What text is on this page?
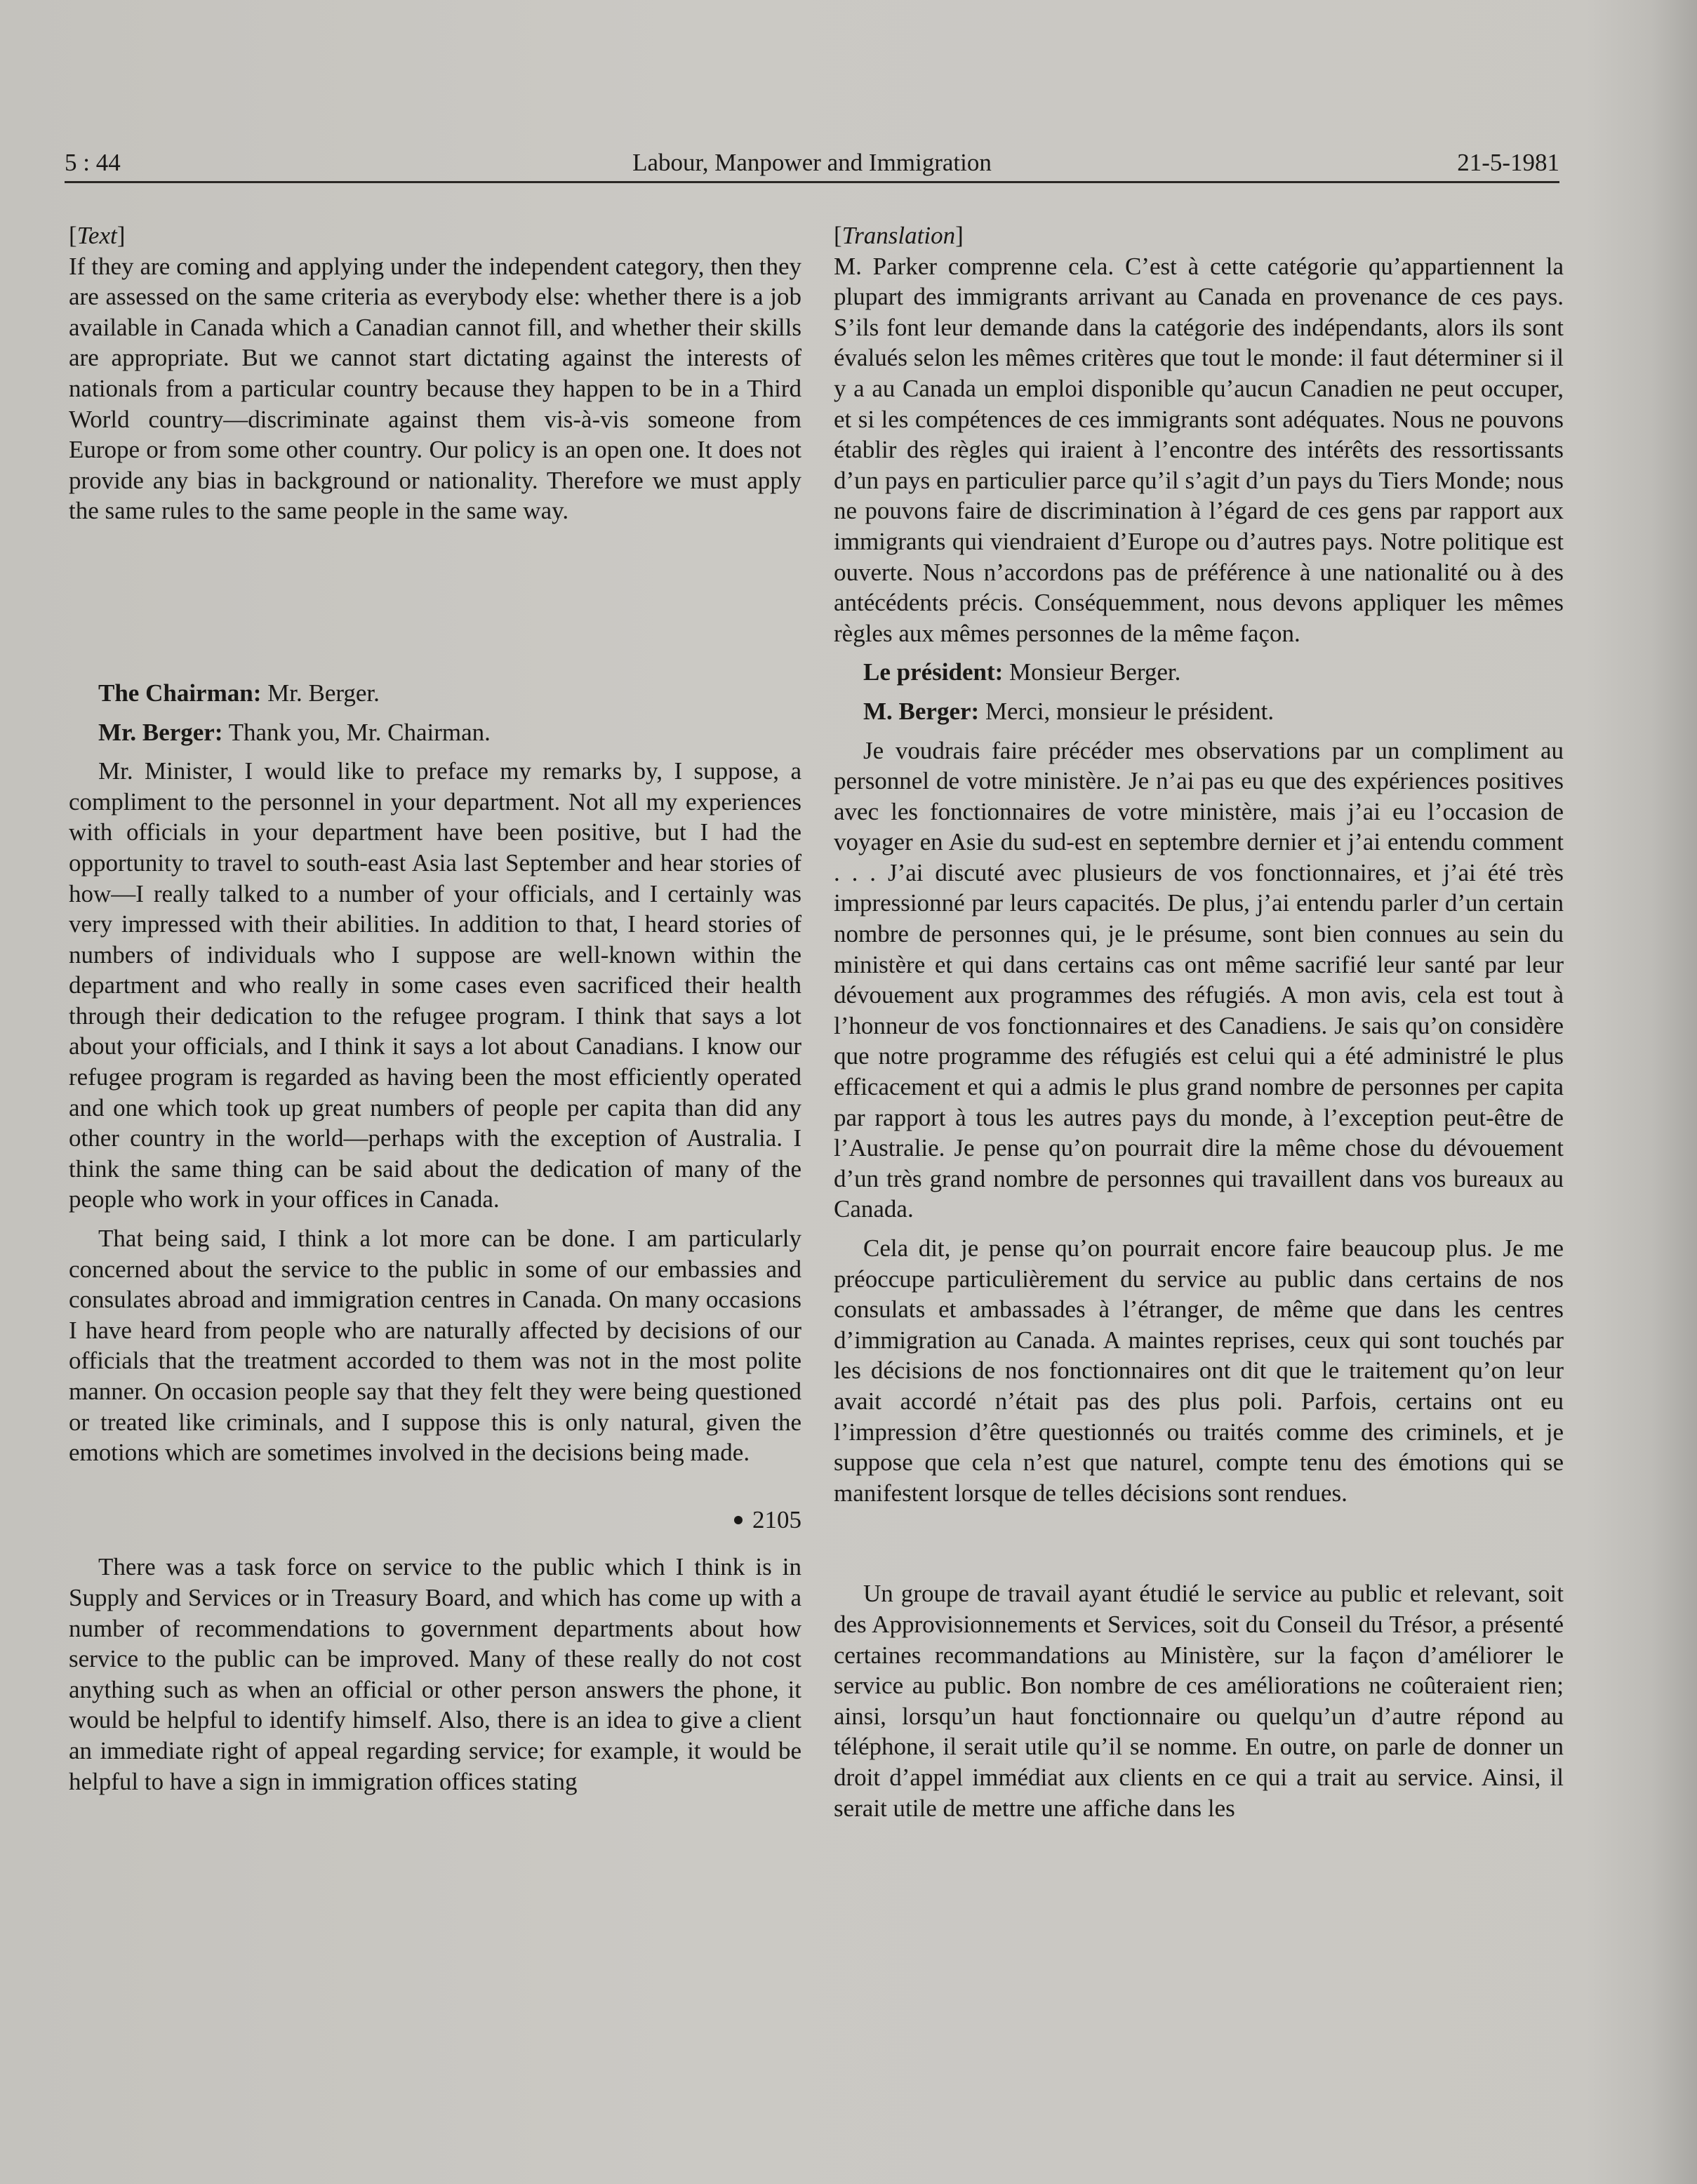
5 : 44	Labour, Manpower and Immigration	21-5-1981

[Text]

If they are coming and applying under the independent category, then they are assessed on the same criteria as everybody else: whether there is a job available in Canada which a Canadian cannot fill, and whether their skills are appropriate. But we cannot start dictating against the interests of nationals from a particular country because they happen to be in a Third World country—discriminate against them vis-à-vis someone from Europe or from some other country. Our policy is an open one. It does not provide any bias in background or nationality. Therefore we must apply the same rules to the same people in the same way.

The Chairman: Mr. Berger.

Mr. Berger: Thank you, Mr. Chairman.

Mr. Minister, I would like to preface my remarks by, I suppose, a compliment to the personnel in your department. Not all my experiences with officials in your department have been positive, but I had the opportunity to travel to south-east Asia last September and hear stories of how—I really talked to a number of your officials, and I certainly was very impressed with their abilities. In addition to that, I heard stories of numbers of individuals who I suppose are well-known within the department and who really in some cases even sacrificed their health through their dedication to the refugee program. I think that says a lot about your officials, and I think it says a lot about Canadians. I know our refugee program is regarded as having been the most efficiently operated and one which took up great numbers of people per capita than did any other country in the world—perhaps with the exception of Australia. I think the same thing can be said about the dedication of many of the people who work in your offices in Canada.

That being said, I think a lot more can be done. I am particularly concerned about the service to the public in some of our embassies and consulates abroad and immigration centres in Canada. On many occasions I have heard from people who are naturally affected by decisions of our officials that the treatment accorded to them was not in the most polite manner. On occasion people say that they felt they were being questioned or treated like criminals, and I suppose this is only natural, given the emotions which are sometimes involved in the decisions being made.

2105

There was a task force on service to the public which I think is in Supply and Services or in Treasury Board, and which has come up with a number of recommendations to government departments about how service to the public can be improved. Many of these really do not cost anything such as when an official or other person answers the phone, it would be helpful to identify himself. Also, there is an idea to give a client an immediate right of appeal regarding service; for example, it would be helpful to have a sign in immigration offices stating

[Translation]

M. Parker comprenne cela. C’est à cette catégorie qu’appartiennent la plupart des immigrants arrivant au Canada en provenance de ces pays. S’ils font leur demande dans la catégorie des indépendants, alors ils sont évalués selon les mêmes critères que tout le monde: il faut déterminer si il y a au Canada un emploi disponible qu’aucun Canadien ne peut occuper, et si les compétences de ces immigrants sont adéquates. Nous ne pouvons établir des règles qui iraient à l’encontre des intérêts des ressortissants d’un pays en particulier parce qu’il s’agit d’un pays du Tiers Monde; nous ne pouvons faire de discrimination à l’égard de ces gens par rapport aux immigrants qui viendraient d’Europe ou d’autres pays. Notre politique est ouverte. Nous n’accordons pas de préférence à une nationalité ou à des antécédents précis. Conséquemment, nous devons appliquer les mêmes règles aux mêmes personnes de la même façon.

Le président: Monsieur Berger.

M. Berger: Merci, monsieur le président.

Je voudrais faire précéder mes observations par un compliment au personnel de votre ministère. Je n’ai pas eu que des expériences positives avec les fonctionnaires de votre ministère, mais j’ai eu l’occasion de voyager en Asie du sud-est en septembre dernier et j’ai entendu comment . . . J’ai discuté avec plusieurs de vos fonctionnaires, et j’ai été très impressionné par leurs capacités. De plus, j’ai entendu parler d’un certain nombre de personnes qui, je le présume, sont bien connues au sein du ministère et qui dans certains cas ont même sacrifié leur santé par leur dévouement aux programmes des réfugiés. A mon avis, cela est tout à l’honneur de vos fonctionnaires et des Canadiens. Je sais qu’on considère que notre programme des réfugiés est celui qui a été administré le plus efficacement et qui a admis le plus grand nombre de personnes per capita par rapport à tous les autres pays du monde, à l’exception peut-être de l’Australie. Je pense qu’on pourrait dire la même chose du dévouement d’un très grand nombre de personnes qui travaillent dans vos bureaux au Canada.

Cela dit, je pense qu’on pourrait encore faire beaucoup plus. Je me préoccupe particulièrement du service au public dans certains de nos consulats et ambassades à l’étranger, de même que dans les centres d’immigration au Canada. A maintes reprises, ceux qui sont touchés par les décisions de nos fonctionnaires ont dit que le traitement qu’on leur avait accordé n’était pas des plus poli. Parfois, certains ont eu l’impression d’être questionnés ou traités comme des criminels, et je suppose que cela n’est que naturel, compte tenu des émotions qui se manifestent lorsque de telles décisions sont rendues.

Un groupe de travail ayant étudié le service au public et relevant, soit des Approvisionnements et Services, soit du Conseil du Trésor, a présenté certaines recommandations au Ministère, sur la façon d’améliorer le service au public. Bon nombre de ces améliorations ne coûteraient rien; ainsi, lorsqu’un haut fonctionnaire ou quelqu’un d’autre répond au téléphone, il serait utile qu’il se nomme. En outre, on parle de donner un droit d’appel immédiat aux clients en ce qui a trait au service. Ainsi, il serait utile de mettre une affiche dans les
